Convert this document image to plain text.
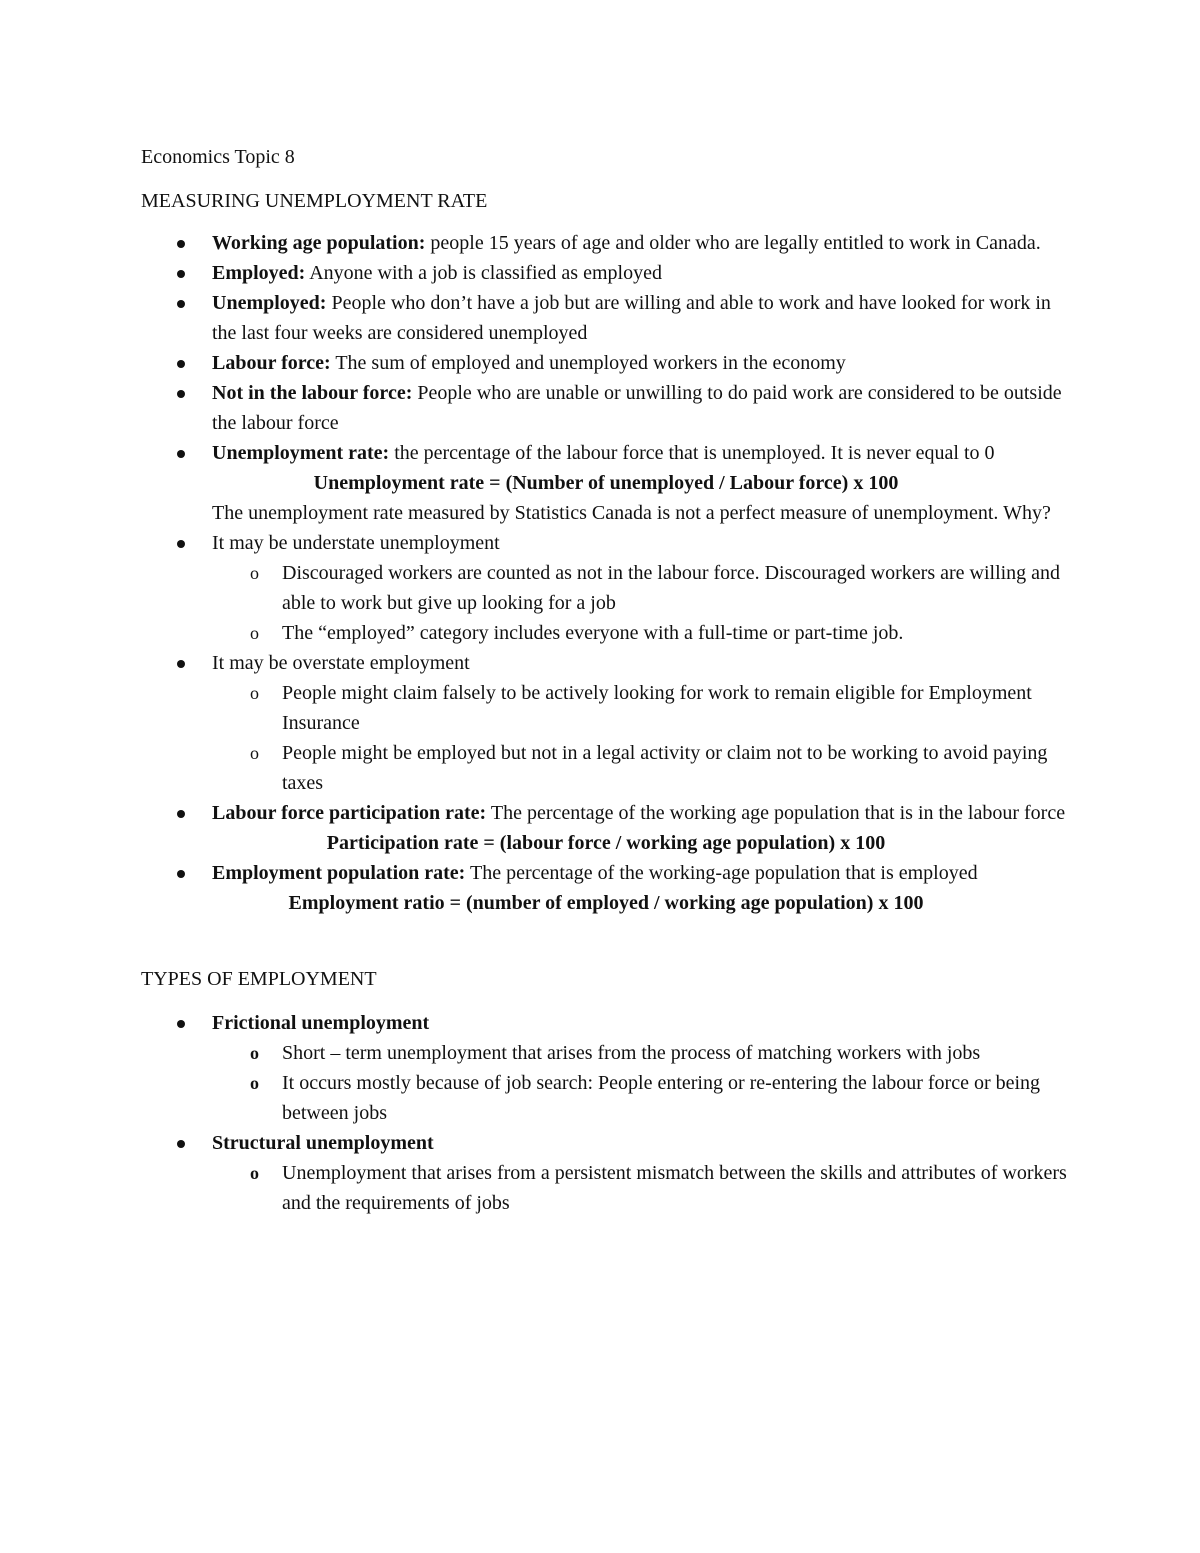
Economics Topic 8

MEASURING UNEMPLOYMENT RATE

Working age population: people 15 years of age and older who are legally entitled to work in Canada.
Employed: Anyone with a job is classified as employed
Unemployed: People who don’t have a job but are willing and able to work and have looked for work in the last four weeks are considered unemployed
Labour force: The sum of employed and unemployed workers in the economy
Not in the labour force: People who are unable or unwilling to do paid work are considered to be outside the labour force
Unemployment rate: the percentage of the labour force that is unemployed. It is never equal to 0
Unemployment rate = (Number of unemployed / Labour force) x 100
The unemployment rate measured by Statistics Canada is not a perfect measure of unemployment. Why?
It may be understate unemployment
o Discouraged workers are counted as not in the labour force. Discouraged workers are willing and able to work but give up looking for a job
o The “employed” category includes everyone with a full-time or part-time job.
It may be overstate employment
o People might claim falsely to be actively looking for work to remain eligible for Employment Insurance
o People might be employed but not in a legal activity or claim not to be working to avoid paying taxes
Labour force participation rate: The percentage of the working age population that is in the labour force
Participation rate = (labour force / working age population) x 100
Employment population rate: The percentage of the working-age population that is employed
Employment ratio = (number of employed / working age population) x 100

TYPES OF EMPLOYMENT

Frictional unemployment
o Short – term unemployment that arises from the process of matching workers with jobs
o It occurs mostly because of job search: People entering or re-entering the labour force or being between jobs
Structural unemployment
o Unemployment that arises from a persistent mismatch between the skills and attributes of workers and the requirements of jobs
